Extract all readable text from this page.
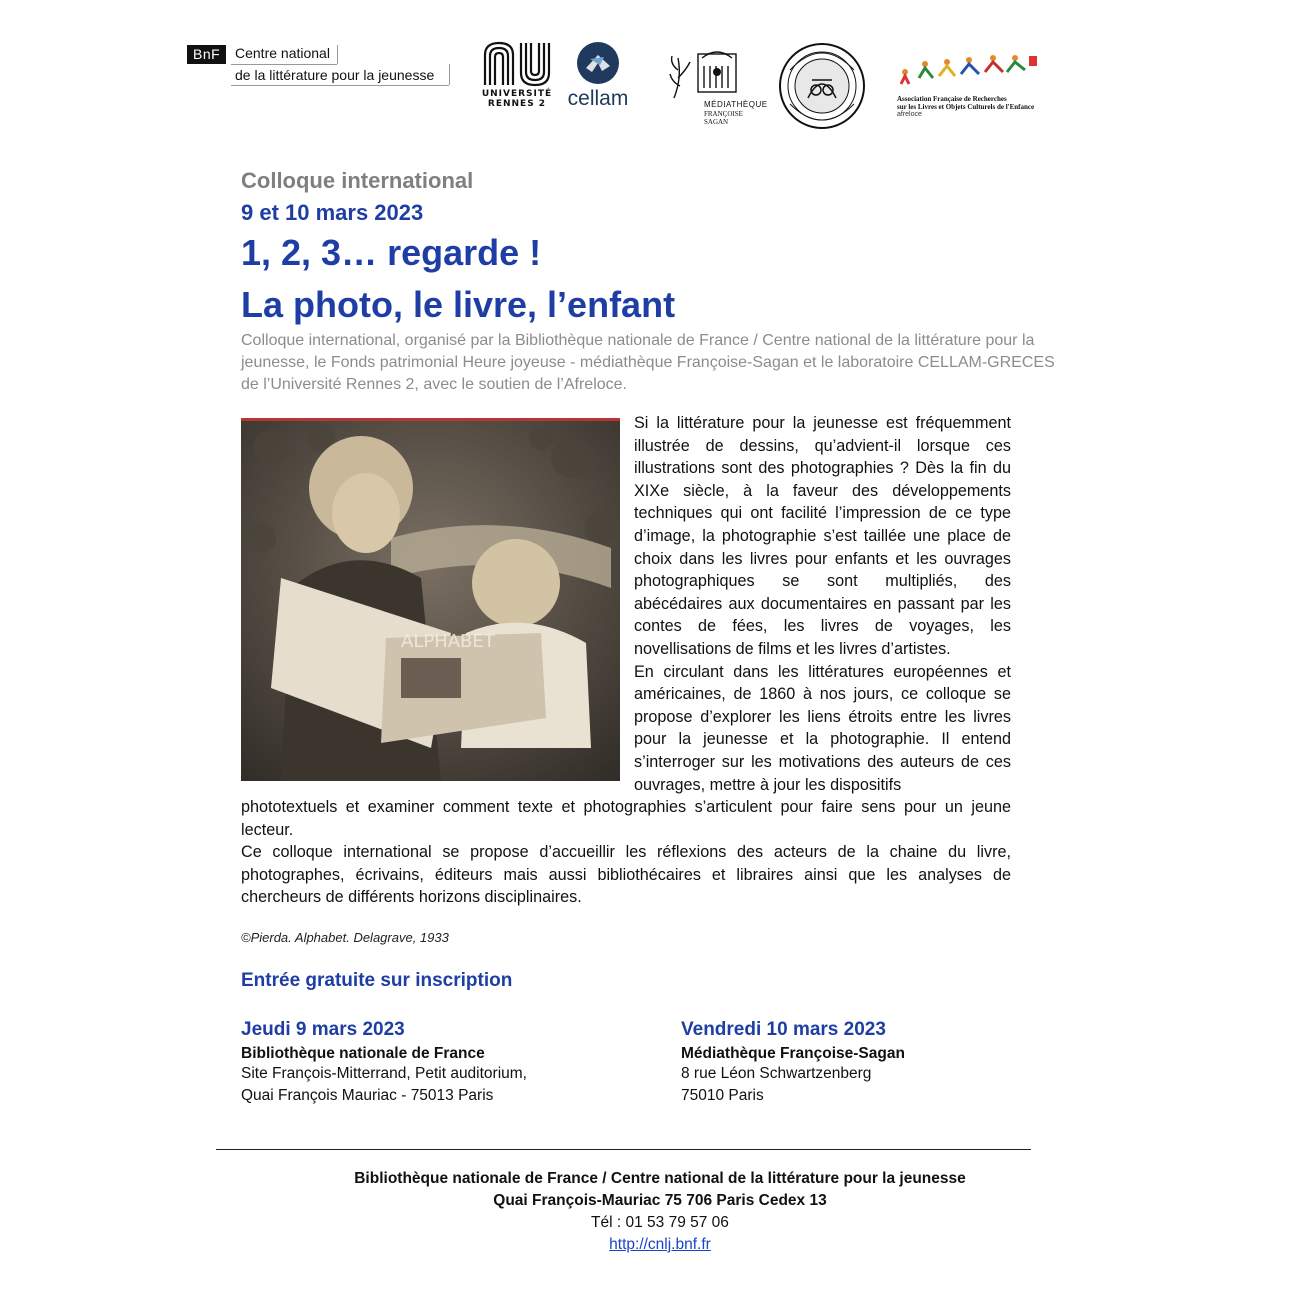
BnF	Centre national
de la littérature pour la jeunesse
UNIVERSITÉ
RENNES 2	cellam	MÉDIATHÈQUE
FRANÇOISE SAGAN
Association Française de Recherches
sur les Livres et Objets Culturels de l'Enfance
afreloce
Colloque international
9 et 10 mars 2023
1, 2, 3… regarde !
La photo, le livre, l’enfant
Colloque international, organisé par la Bibliothèque nationale de France / Centre national de la littérature pour la jeunesse, le Fonds patrimonial Heure joyeuse - médiathèque Françoise-Sagan et le laboratoire CELLAM-GRECES de l’Université Rennes 2, avec le soutien de l’Afreloce.
ALPHABET

Si la littérature pour la jeunesse est fréquemment illustrée de dessins, qu’advient-il lorsque ces illustrations sont des photographies ? Dès la fin du XIXe siècle, à la faveur des développements techniques qui ont facilité l’impression de ce type d’image, la photographie s’est taillée une place de choix dans les livres pour enfants et les ouvrages photographiques se sont multipliés, des abécédaires aux documentaires en passant par les contes de fées, les livres de voyages, les novellisations de films et les livres d’artistes.

En circulant dans les littératures européennes et américaines, de 1860 à nos jours, ce colloque se propose d’explorer les liens étroits entre les livres pour la jeunesse et la photographie. Il entend s’interroger sur les motivations des auteurs de ces ouvrages, mettre à jour les dispositifs

phototextuels et examiner comment texte et photographies s’articulent pour faire sens pour un jeune lecteur.

Ce colloque international se propose d’accueillir les réflexions des acteurs de la chaine du livre, photographes, écrivains, éditeurs mais aussi bibliothécaires et libraires ainsi que les analyses de chercheurs de différents horizons disciplinaires.

©Pierda. Alphabet. Delagrave, 1933
Entrée gratuite sur inscription
Jeudi 9 mars 2023
Bibliothèque nationale de France
Site François-Mitterrand, Petit auditorium,
Quai François Mauriac - 75013 Paris
Vendredi 10 mars 2023
Médiathèque Françoise-Sagan
8 rue Léon Schwartzenberg
75010 Paris
Bibliothèque nationale de France / Centre national de la littérature pour la jeunesse
Quai François-Mauriac 75 706 Paris Cedex 13
Tél : 01 53 79 57 06
http://cnlj.bnf.fr
